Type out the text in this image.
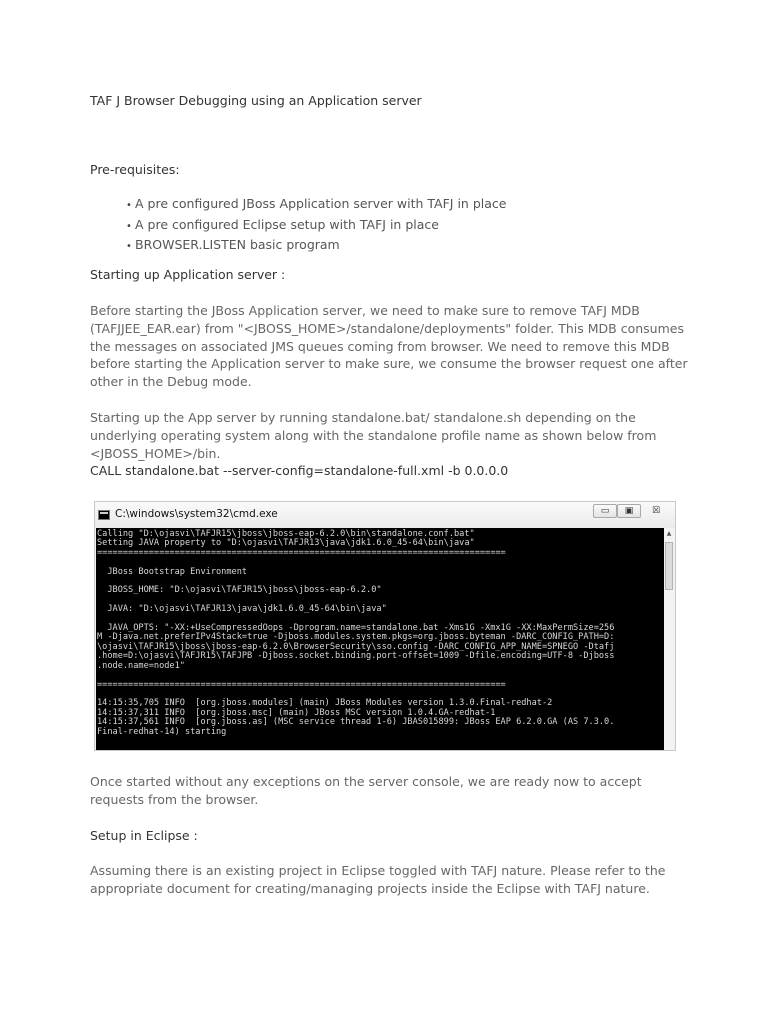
TAF J Browser Debugging using an Application server

Pre-requisites:

• A pre configured JBoss Application server with TAFJ in place
• A pre configured Eclipse setup with TAFJ in place
• BROWSER.LISTEN basic program

Starting up Application server :

Before starting the JBoss Application server, we need to make sure to remove TAFJ MDB (TAFJJEE_EAR.ear) from "<JBOSS_HOME>/standalone/deployments" folder. This MDB consumes the messages on associated JMS queues coming from browser. We need to remove this MDB before starting the Application server to make sure, we consume the browser request one after other in the Debug mode.

Starting up the App server by running standalone.bat/ standalone.sh depending on the underlying operating system along with the standalone profile name as shown below from <JBOSS_HOME>/bin.

CALL standalone.bat --server-config=standalone-full.xml -b 0.0.0.0

Once started without any exceptions on the server console, we are ready now to accept requests from the browser.

Setup in Eclipse :

Assuming there is an existing project in Eclipse toggled with TAFJ nature. Please refer to the appropriate document for creating/managing projects inside the Eclipse with TAFJ nature.

C:\windows\system32\cmd.exe	▭	▣	☒
Calling "D:\ojasvi\TAFJR15\jboss\jboss-eap-6.2.0\bin\standalone.conf.bat"
Setting JAVA property to "D:\ojasvi\TAFJR13\java\jdk1.6.0_45-64\bin\java"
===============================================================================

JBoss Bootstrap Environment

JBOSS_HOME: "D:\ojasvi\TAFJR15\jboss\jboss-eap-6.2.0"

JAVA: "D:\ojasvi\TAFJR13\java\jdk1.6.0_45-64\bin\java"

JAVA_OPTS: "-XX:+UseCompressedOops -Dprogram.name=standalone.bat -Xms1G -Xmx1G -XX:MaxPermSize=256
M -Djava.net.preferIPv4Stack=true -Djboss.modules.system.pkgs=org.jboss.byteman -DARC_CONFIG_PATH=D:
\ojasvi\TAFJR15\jboss\jboss-eap-6.2.0\BrowserSecurity\sso.config -DARC_CONFIG_APP_NAME=SPNEGO -Dtafj
.home=D:\ojasvi\TAFJR15\TAFJPB -Djboss.socket.binding.port-offset=1009 -Dfile.encoding=UTF-8 -Djboss
.node.name=node1"

===============================================================================

14:15:35,705 INFO  [org.jboss.modules] (main) JBoss Modules version 1.3.0.Final-redhat-2
14:15:37,311 INFO  [org.jboss.msc] (main) JBoss MSC version 1.0.4.GA-redhat-1
14:15:37,561 INFO  [org.jboss.as] (MSC service thread 1-6) JBAS015899: JBoss EAP 6.2.0.GA (AS 7.3.0.
Final-redhat-14) starting

▲
